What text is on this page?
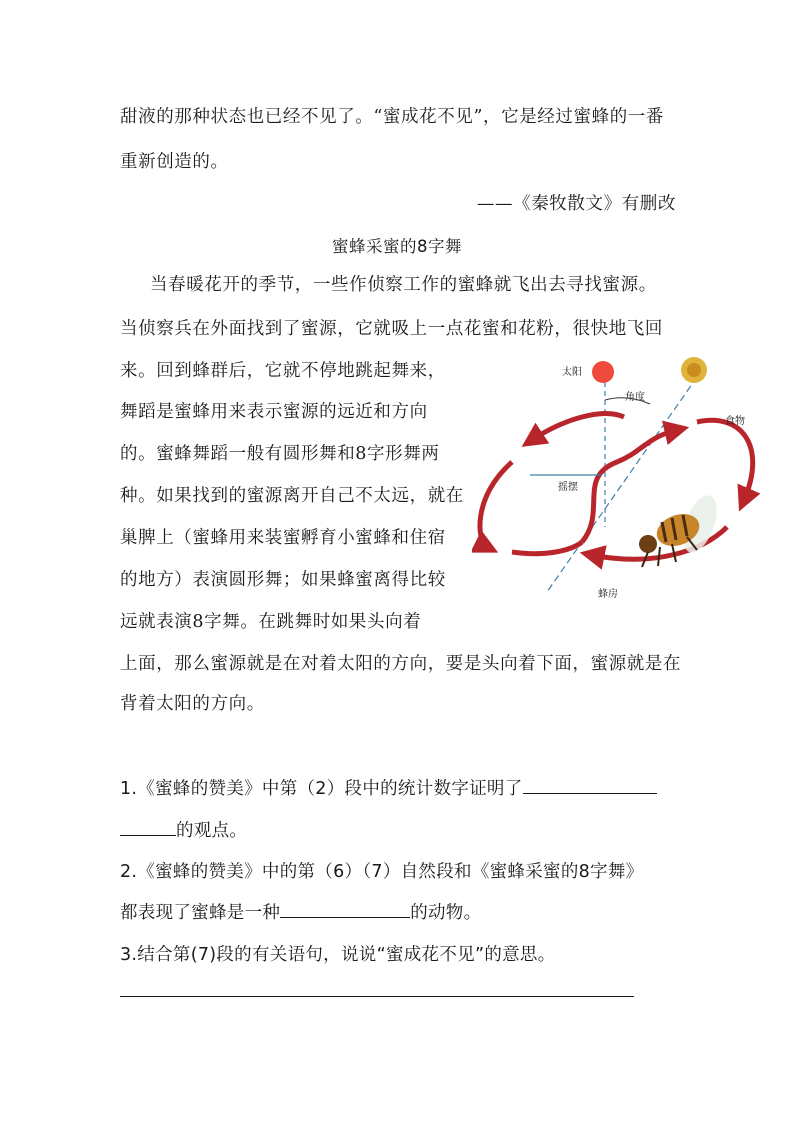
甜液的那种状态也已经不见了。“蜜成花不见”，它是经过蜜蜂的一番
重新创造的。
——《秦牧散文》有删改
蜜蜂采蜜的8字舞
当春暖花开的季节，一些作侦察工作的蜜蜂就飞出去寻找蜜源。
当侦察兵在外面找到了蜜源，它就吸上一点花蜜和花粉，很快地飞回
来。回到蜂群后，它就不停地跳起舞来，
舞蹈是蜜蜂用来表示蜜源的远近和方向
的。蜜蜂舞蹈一般有圆形舞和8字形舞两
种。如果找到的蜜源离开自己不太远，就在
巢脾上（蜜蜂用来装蜜孵育小蜜蜂和住宿
的地方）表演圆形舞；如果蜂蜜离得比较
远就表演8字舞。在跳舞时如果头向着
上面，那么蜜源就是在对着太阳的方向，要是头向着下面，蜜源就是在
背着太阳的方向。
太阳
角度
食物
摇摆
蜂房
1.《蜜蜂的赞美》中第（2）段中的统计数字证明了
的观点。
2.《蜜蜂的赞美》中的第（6）（7）自然段和《蜜蜂采蜜的8字舞》
都表现了蜜蜂是一种	的动物。
3.结合第(7)段的有关语句，说说“蜜成花不见”的意思。
